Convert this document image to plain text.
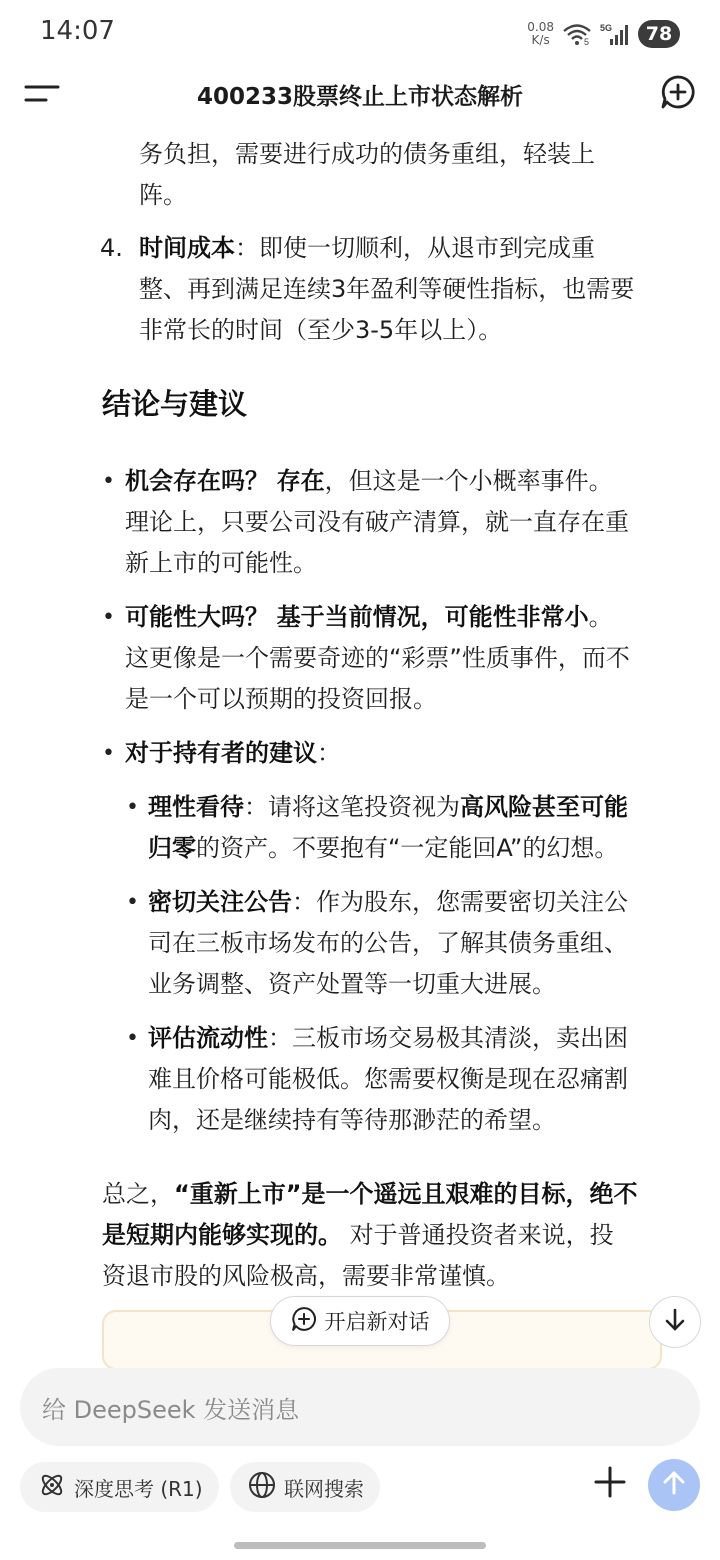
14:07	0.08
K/s	5
5G	78
400233股票终止上市状态解析
务负担，需要进行成功的债务重组，轻装上
阵。
4. 时间成本：即使一切顺利，从退市到完成重
整、再到满足连续3年盈利等硬性指标，也需要
非常长的时间（至少3-5年以上）。
结论与建议
• 机会存在吗？ 存在，但这是一个小概率事件。
理论上，只要公司没有破产清算，就一直存在重
新上市的可能性。
• 可能性大吗？ 基于当前情况，可能性非常小。
这更像是一个需要奇迹的“彩票”性质事件，而不
是一个可以预期的投资回报。
• 对于持有者的建议：
• 理性看待：请将这笔投资视为高风险甚至可能
归零的资产。不要抱有“一定能回A”的幻想。
• 密切关注公告：作为股东，您需要密切关注公
司在三板市场发布的公告，了解其债务重组、
业务调整、资产处置等一切重大进展。
• 评估流动性：三板市场交易极其清淡，卖出困
难且价格可能极低。您需要权衡是现在忍痛割
肉，还是继续持有等待那渺茫的希望。
总之，“重新上市”是一个遥远且艰难的目标，绝不
是短期内能够实现的。 对于普通投资者来说，投
资退市股的风险极高，需要非常谨慎。
开启新对话
给 DeepSeek 发送消息
深度思考 (R1)	联网搜索
